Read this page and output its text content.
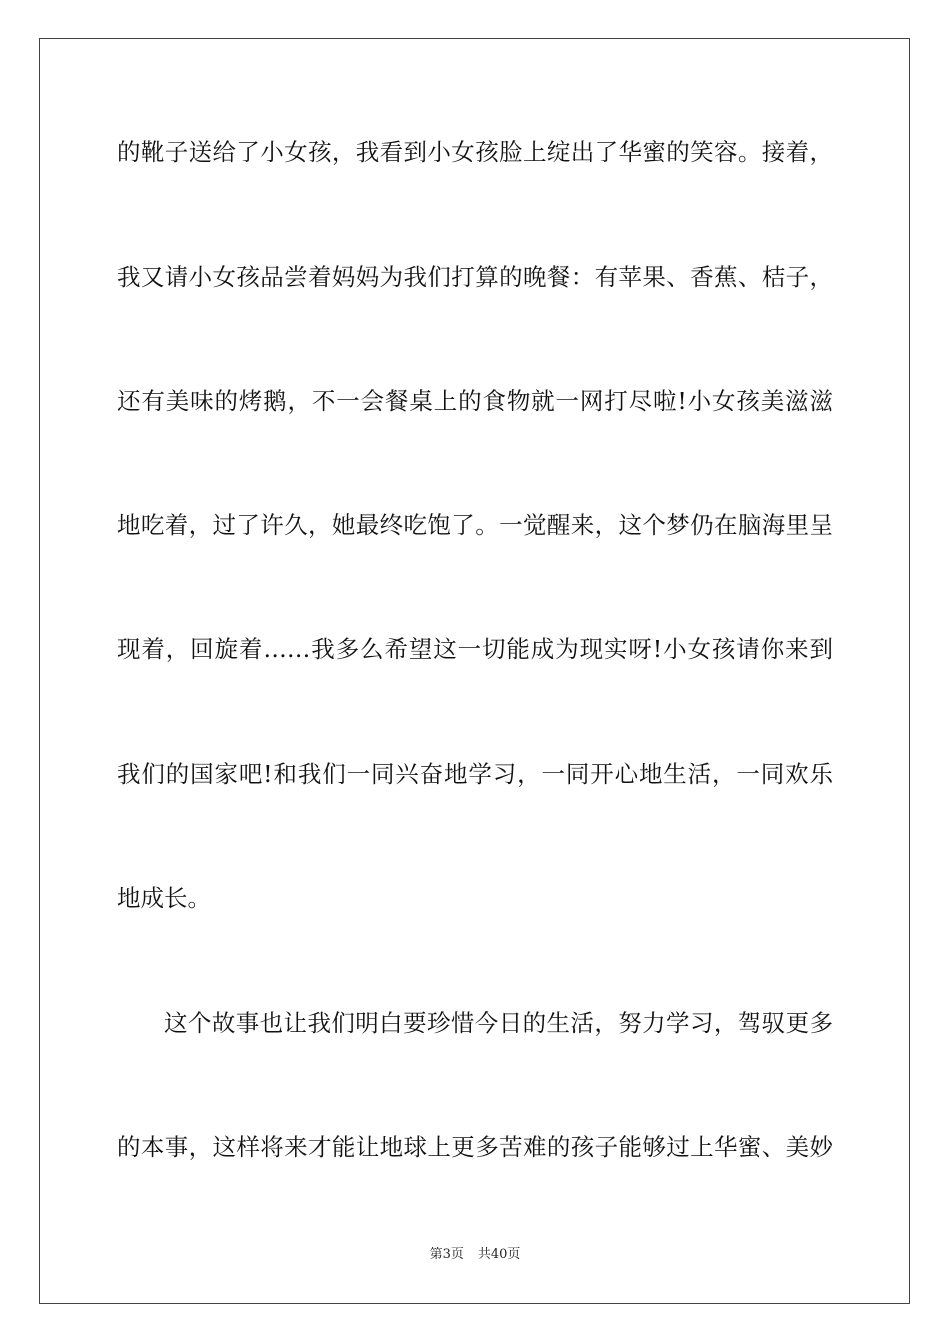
的靴子送给了小女孩，我看到小女孩脸上绽出了华蜜的笑容。接着，
我又请小女孩品尝着妈妈为我们打算的晚餐：有苹果、香蕉、桔子，
还有美味的烤鹅，不一会餐桌上的食物就一网打尽啦!小女孩美滋滋
地吃着，过了许久，她最终吃饱了。一觉醒来，这个梦仍在脑海里呈
现着，回旋着……我多么希望这一切能成为现实呀!小女孩请你来到
我们的国家吧!和我们一同兴奋地学习，一同开心地生活，一同欢乐
地成长。
这个故事也让我们明白要珍惜今日的生活，努力学习，驾驭更多
的本事，这样将来才能让地球上更多苦难的孩子能够过上华蜜、美妙
第3页 共40页
